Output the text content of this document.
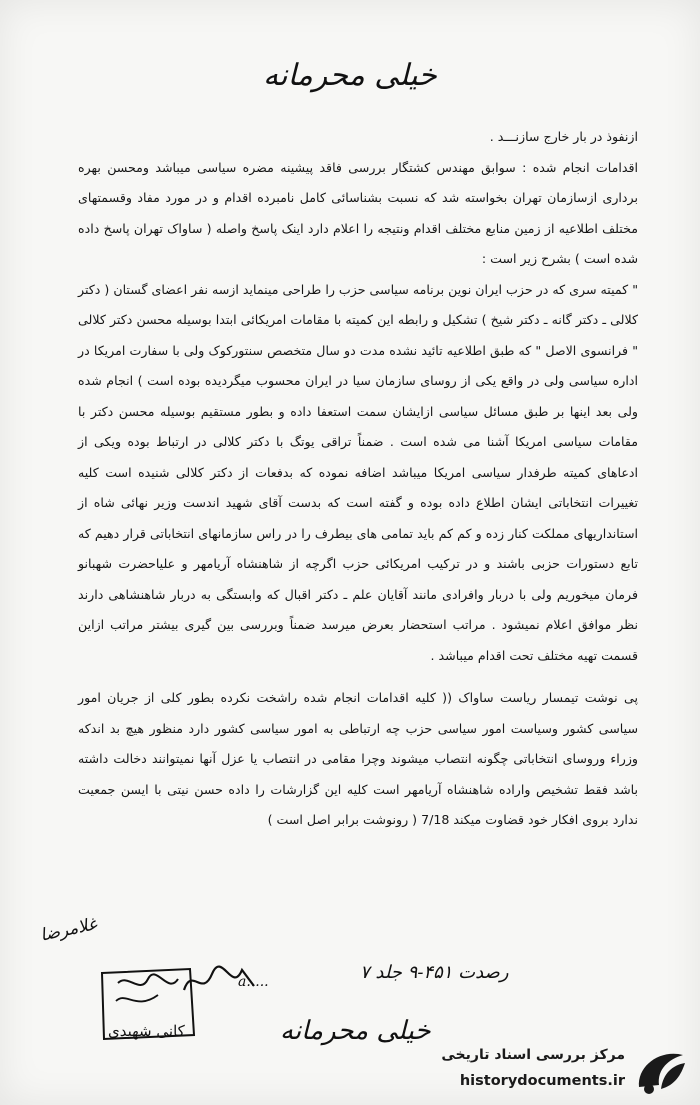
خیلی محرمانه

ازنفوذ در بار خارج سازنـــد .

اقدامات انجام شده : سوابق مهندس کشتگار بررسی فاقد پیشینه مضره سیاسی میباشد ومحسن بهره برداری ازسازمان تهران بخواسته شد که نسبت بشناسائی کامل نامبرده اقدام و در مورد مفاد وقسمتهای مختلف اطلاعیه از زمین منابع مختلف اقدام ونتیجه را اعلام دارد اینک پاسخ واصله ( ساواک تهران پاسخ داده شده است ) بشرح زیر است :

" کمیته سری که در حزب ایران نوین برنامه سیاسی حزب را طراحی مینماید ازسه نفر اعضای گستان ( دکتر کلالی ـ دکتر گانه ـ دکتر شیخ ) تشکیل و رابطه این کمیته با مقامات امریکائی ابتدا بوسیله محسن دکتر کلالی " فرانسوی الاصل " که طبق اطلاعیه تائید نشده مدت دو سال متخصص سنتورکوک ولی با سفارت امریکا در اداره سیاسی ولی در واقع یکی از روسای سازمان سیا در ایران محسوب میگردیده بوده است ) انجام شده ولی بعد اینها بر طبق مسائل سیاسی ازایشان سمت استعفا داده و بطور مستقیم بوسیله محسن دکتر با مقامات سیاسی امریکا آشنا می شده است . ضمناً تراقی یوتگ با دکتر کلالی در ارتباط بوده ویکی از ادعاهای کمیته طرفدار سیاسی امریکا میباشد اضافه نموده که بدفعات از دکتر کلالی شنیده است کلیه تغییرات انتخاباتی ایشان اطلاع داده بوده و گفته است که بدست آقای شهید اندست وزیر نهائی شاه از استانداریهای مملکت کنار زده و کم کم باید تمامی های بیطرف را در راس سازمانهای انتخاباتی قرار دهیم که تابع دستورات حزبی باشند و در ترکیب امریکائی حزب اگرچه از شاهنشاه آریامهر و علیاحضرت شهبانو فرمان میخوریم ولی با دربار وافرادی مانند آقایان علم ـ دکتر اقبال که وابستگی به دربار شاهنشاهی دارند نظر موافق اعلام نمیشود . مراتب استحضار بعرض میرسد ضمناً وبررسی بین گیری بیشتر مراتب ازاین قسمت تهیه مختلف تحت اقدام میباشد .

پی نوشت تیمسار ریاست ساواک (( کلیه اقدامات انجام شده راشخت نکرده بطور کلی از جریان امور سیاسی کشور وسیاست امور سیاسی حزب چه ارتباطی به امور سیاسی کشور دارد منظور هیچ بد اندکه وزراء وروسای انتخاباتی چگونه انتصاب میشوند وچرا مقامی در انتصاب یا عزل آنها نمیتوانند دخالت داشته باشد فقط تشخیص واراده شاهنشاه آریامهر است کلیه این گزارشات را داده حسن نیتی با ایسن جمعیت ندارد بروی افکار خود قضاوت میکند 7/18 ( رونوشت برابر اصل است )

غلامرضا
کانی شهیدی
a.....	رصدت ۴۵۱-۹ جلد ۷
خیلی محرمانه
مرکز بررسی اسناد تاریخی
historydocuments.ir
